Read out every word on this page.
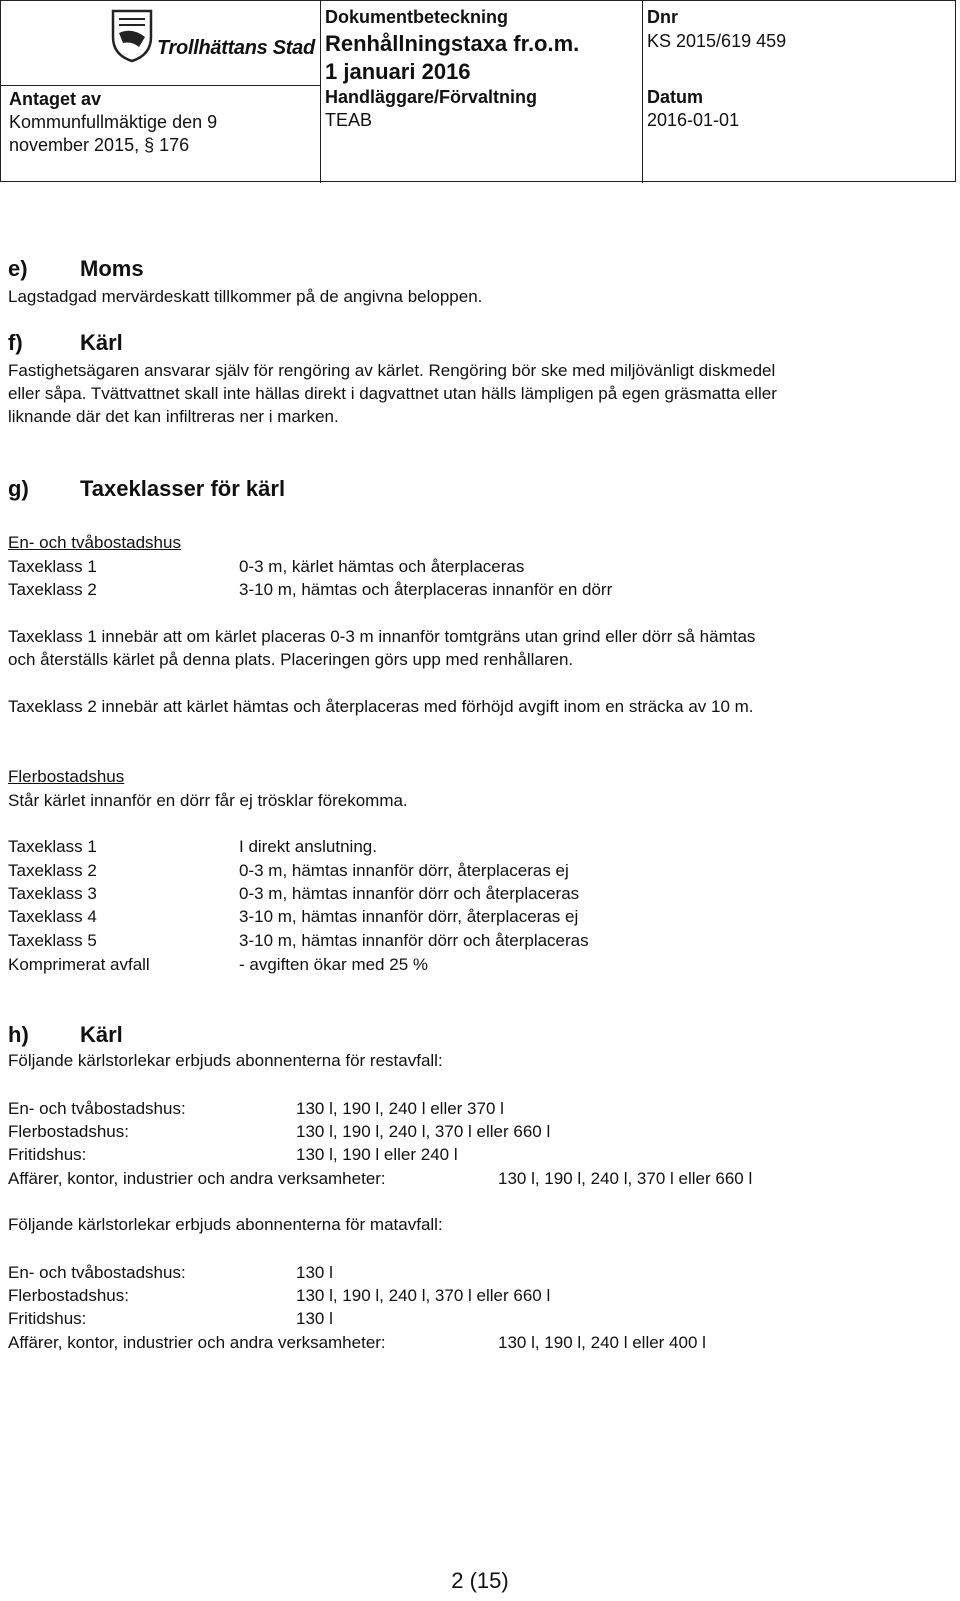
Trollhättans Stad
Antaget av
Kommunfullmäktige den 9
november 2015, § 176
Dokumentbeteckning
Renhållningstaxa fr.o.m.
1 januari 2016
Handläggare/Förvaltning
TEAB
Dnr
KS 2015/619 459
Datum
2016-01-01
e) Moms
Lagstadgad mervärdeskatt tillkommer på de angivna beloppen.
f)	Kärl
Fastighetsägaren ansvarar själv för rengöring av kärlet. Rengöring bör ske med miljövänligt diskmedel
eller såpa. Tvättvattnet skall inte hällas direkt i dagvattnet utan hälls lämpligen på egen gräsmatta eller
liknande där det kan infiltreras ner i marken.
g) Taxeklasser för kärl
En- och tvåbostadshus
Taxeklass 1	0-3 m, kärlet hämtas och återplaceras
Taxeklass 2	3-10 m, hämtas och återplaceras innanför en dörr
Taxeklass 1 innebär att om kärlet placeras 0-3 m innanför tomtgräns utan grind eller dörr så hämtas
och återställs kärlet på denna plats. Placeringen görs upp med renhållaren.
Taxeklass 2 innebär att kärlet hämtas och återplaceras med förhöjd avgift inom en sträcka av 10 m.
Flerbostadshus
Står kärlet innanför en dörr får ej trösklar förekomma.
Taxeklass 1	I direkt anslutning.
Taxeklass 2	0-3 m, hämtas innanför dörr, återplaceras ej
Taxeklass 3	0-3 m, hämtas innanför dörr och återplaceras
Taxeklass 4	3-10 m, hämtas innanför dörr, återplaceras ej
Taxeklass 5	3-10 m, hämtas innanför dörr och återplaceras
Komprimerat avfall	- avgiften ökar med 25 %
h) Kärl
Följande kärlstorlekar erbjuds abonnenterna för restavfall:
En- och tvåbostadshus:	130 l, 190 l, 240 l eller 370 l
Flerbostadshus:	130 l, 190 l, 240 l, 370 l eller 660 l
Fritidshus:	130 l, 190 l eller 240 l
Affärer, kontor, industrier och andra verksamheter:	130 l, 190 l, 240 l, 370 l eller 660 l
Följande kärlstorlekar erbjuds abonnenterna för matavfall:
En- och tvåbostadshus:	130 l
Flerbostadshus:	130 l, 190 l, 240 l, 370 l eller 660 l
Fritidshus:	130 l
Affärer, kontor, industrier och andra verksamheter:	130 l, 190 l, 240 l eller 400 l
2 (15)
